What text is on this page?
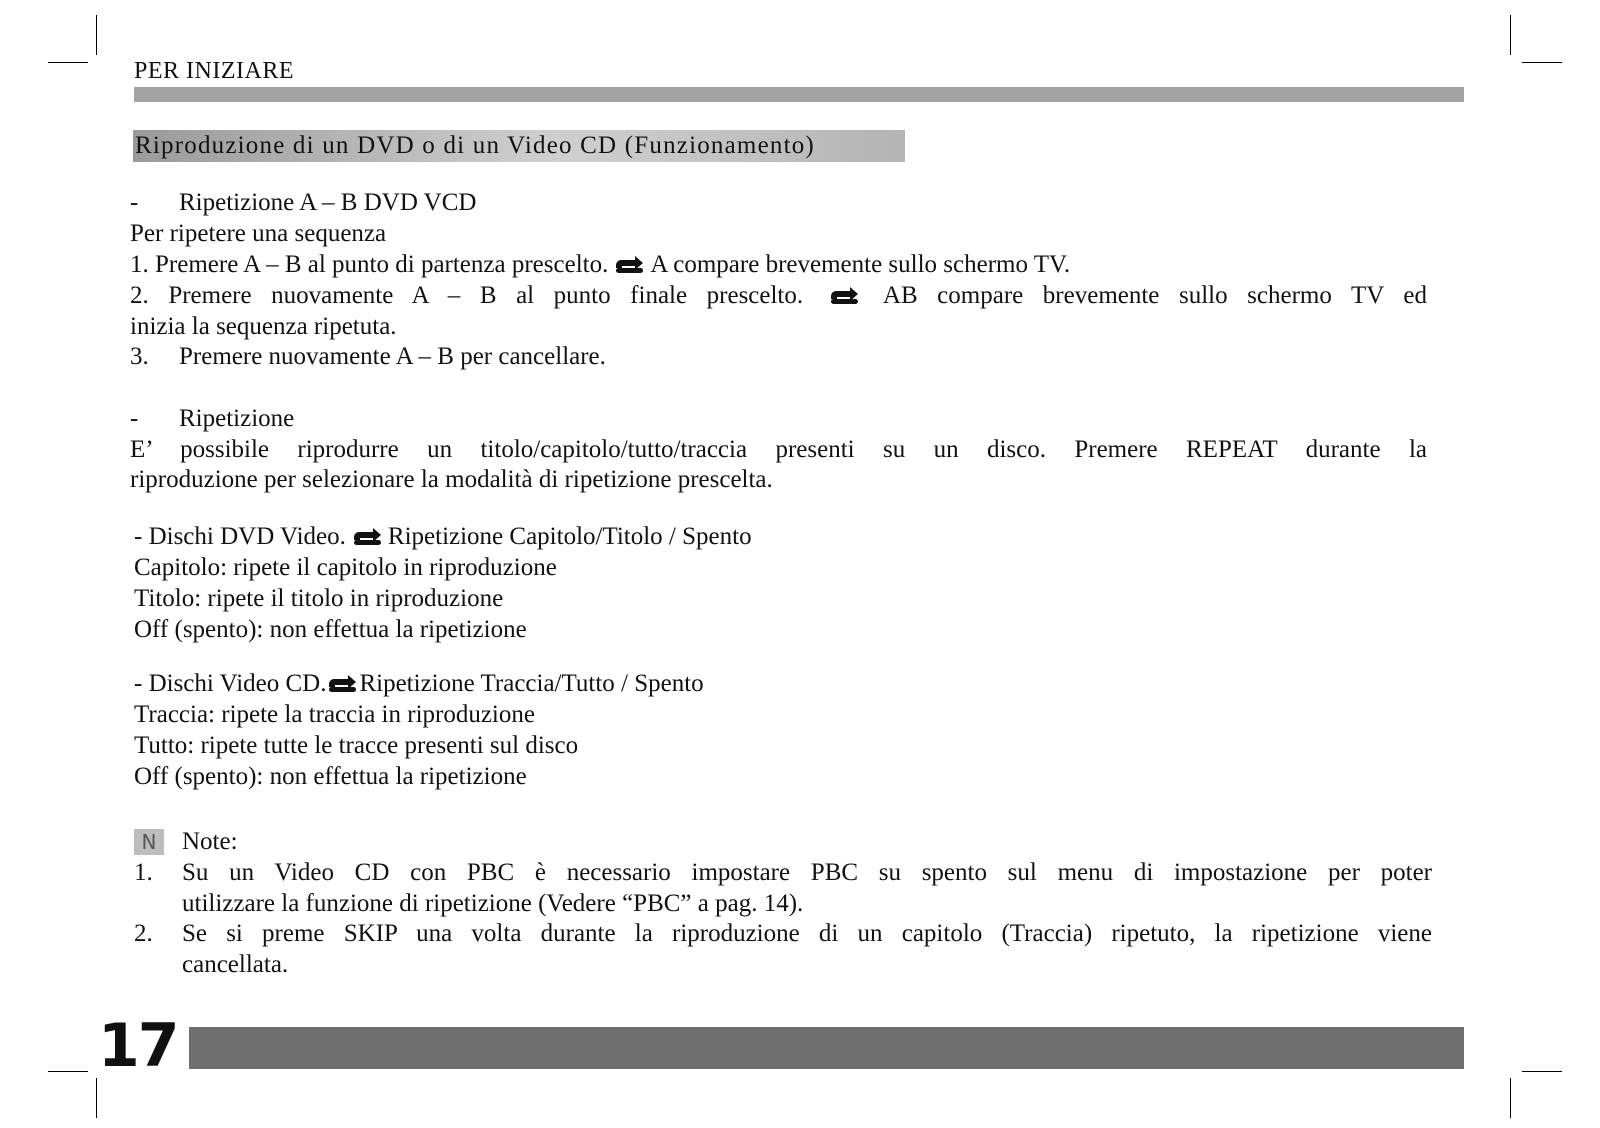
PER INIZIARE
Riproduzione di un DVD o di un Video CD (Funzionamento)
- Ripetizione A – B DVD VCD
Per ripetere una sequenza
1. Premere A – B al punto di partenza prescelto. A compare brevemente sullo schermo TV.
2. Premere nuovamente A – B al punto finale prescelto.	AB compare brevemente sullo schermo TV ed
inizia la sequenza ripetuta.
3. Premere nuovamente A – B per cancellare.
- Ripetizione
E’ possibile riprodurre un titolo/capitolo/tutto/traccia presenti su un disco. Premere REPEAT durante la
riproduzione per selezionare la modalità di ripetizione prescelta.
- Dischi DVD Video. Ripetizione Capitolo/Titolo / Spento
Capitolo: ripete il capitolo in riproduzione
Titolo: ripete il titolo in riproduzione
Off (spento): non effettua la ripetizione
- Dischi Video CD. Ripetizione Traccia/Tutto / Spento
Traccia: ripete la traccia in riproduzione
Tutto: ripete tutte le tracce presenti sul disco
Off (spento): non effettua la ripetizione
N	Note:
1. Su un Video CD con PBC è necessario impostare PBC su spento sul menu di impostazione per poter
utilizzare la funzione di ripetizione (Vedere “PBC” a pag. 14).
2. Se si preme SKIP una volta durante la riproduzione di un capitolo (Traccia) ripetuto, la ripetizione viene
cancellata.
17
